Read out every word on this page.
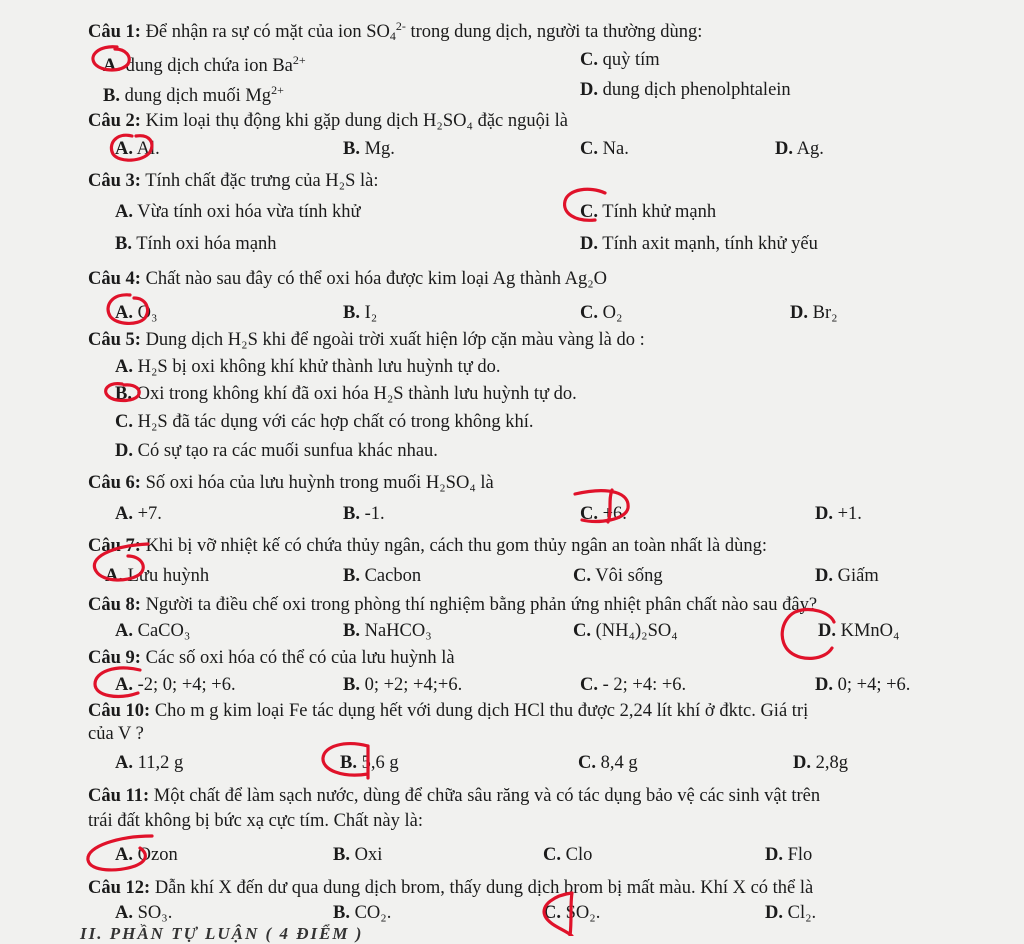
Câu 1: Để nhận ra sự có mặt của ion $SO_4^{2-}$ trong dung dịch, người ta thường dùng:
A. dung dịch chứa ion $Ba^{2+}$	C. quỳ tím
B. dung dịch muối $Mg^{2+}$	D. dung dịch phenolphtalein
Câu 2: Kim loại thụ động khi gặp dung dịch H₂SO₄ đặc nguội là
A. Al.	B. Mg.	C. Na.	D. Ag.
Câu 3: Tính chất đặc trưng của H₂S là:
A. Vừa tính oxi hóa vừa tính khử	C. Tính khử mạnh
B. Tính oxi hóa mạnh	D. Tính axit mạnh, tính khử yếu
Câu 4: Chất nào sau đây có thể oxi hóa được kim loại Ag thành Ag₂O
A. O₃	B. I₂	C. O₂	D. Br₂
Câu 5: Dung dịch H₂S khi để ngoài trời xuất hiện lớp cặn màu vàng là do :
A. H₂S bị oxi không khí khử thành lưu huỳnh tự do.
B. Oxi trong không khí đã oxi hóa H₂S thành lưu huỳnh tự do.
C. H₂S đã tác dụng với các hợp chất có trong không khí.
D. Có sự tạo ra các muối sunfua khác nhau.
Câu 6: Số oxi hóa của lưu huỳnh trong muối H₂SO₄ là
A. +7.	B. -1.	C. +6.	D. +1.
Câu 7: Khi bị vỡ nhiệt kế có chứa thủy ngân, cách thu gom thủy ngân an toàn nhất là dùng:
A. Lưu huỳnh	B. Cacbon	C. Vôi sống	D. Giấm
Câu 8: Người ta điều chế oxi trong phòng thí nghiệm bằng phản ứng nhiệt phân chất nào sau đây?
A. CaCO₃	B. NaHCO₃	C. (NH₄)₂SO₄	D. KMnO₄
Câu 9: Các số oxi hóa có thể có của lưu huỳnh là
A. -2; 0; +4; +6.	B. 0; +2; +4;+6.	C. - 2; +4: +6.	D. 0; +4; +6.
Câu 10: Cho m g kim loại Fe tác dụng hết với dung dịch HCl thu được 2,24 lít khí ở đktc. Giá trị
của V ?
A. 11,2 g	B. 5,6 g	C. 8,4 g	D. 2,8g
Câu 11: Một chất để làm sạch nước, dùng để chữa sâu răng và có tác dụng bảo vệ các sinh vật trên
trái đất không bị bức xạ cực tím. Chất này là:
A. Ozon	B. Oxi	C. Clo	D. Flo
Câu 12: Dẫn khí X đến dư qua dung dịch brom, thấy dung dịch brom bị mất màu. Khí X có thể là
A. SO₃.	B. CO₂.	C. SO₂.	D. Cl₂.
II. PHẦN TỰ LUẬN ( 4 ĐIỂM )
